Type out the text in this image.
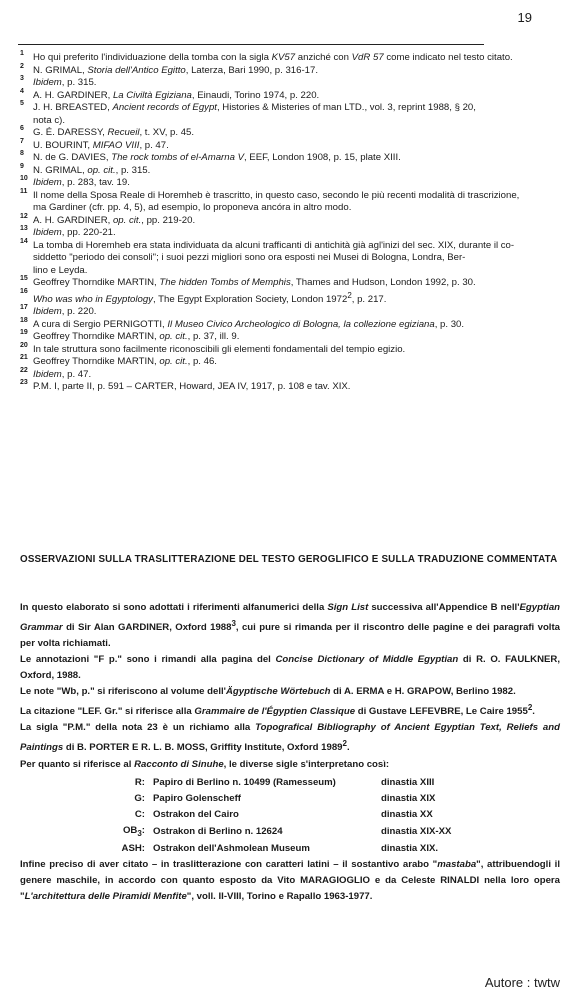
19
1 Ho qui preferito l'individuazione della tomba con la sigla KV57 anziché con VdR 57 come indicato nel testo citato.
2 N. GRIMAL, Storia dell'Antico Egitto, Laterza, Bari 1990, p. 316-17.
3 Ibidem, p. 315.
4 A. H. GARDINER, La Civiltà Egiziana, Einaudi, Torino 1974, p. 220.
5 J. H. BREASTED, Ancient records of Egypt, Histories & Misteries of man LTD., vol. 3, reprint 1988, § 20,
nota c).
6 G. É. DARESSY, Recueil, t. XV, p. 45.
7 U. BOURINT, MIFAO VIII, p. 47.
8 N. de G. DAVIES, The rock tombs of el-Amarna V, EEF, London 1908, p. 15, plate XIII.
9 N. GRIMAL, op. cit., p. 315.
10 Ibidem, p. 283, tav. 19.
11 Il nome della Sposa Reale di Horemheb è trascritto, in questo caso, secondo le più recenti modalità di trascrizione,
ma Gardiner (cfr. pp. 4, 5), ad esempio, lo proponeva ancóra in altro modo.
12 A. H. GARDINER, op. cit., pp. 219-20.
13 Ibidem, pp. 220-21.
14 La tomba di Horemheb era stata individuata da alcuni trafficanti di antichità già agl'inizi del sec. XIX, durante il co-
siddetto "periodo dei consoli"; i suoi pezzi migliori sono ora esposti nei Musei di Bologna, Londra, Ber-
lino e Leyda.
15 Geoffrey Thorndike MARTIN, The hidden Tombs of Memphis, Thames and Hudson, London 1992, p. 30.
16
Who was who in Egyptology, The Egypt Exploration Society, London 1972$^2$, p. 217.
17 Ibidem, p. 220.
18 A cura di Sergio PERNIGOTTI, Il Museo Civico Archeologico di Bologna, la collezione egiziana, p. 30.
19 Geoffrey Thorndike MARTIN, op. cit., p. 37, ill. 9.
20 In tale struttura sono facilmente riconoscibili gli elementi fondamentali del tempio egizio.
21 Geoffrey Thorndike MARTIN, op. cit., p. 46.
22 Ibidem, p. 47.
23 P.M. I, parte II, p. 591 – CARTER, Howard, JEA IV, 1917, p. 108 e tav. XIX.
OSSERVAZIONI SULLA TRASLITTERAZIONE DEL TESTO GEROGLIFICO E SULLA TRADUZIONE COMMENTATA

In questo elaborato si sono adottati i riferimenti alfanumerici della Sign List successiva all'Appendice B nell'Egyptian Grammar di Sir Alan GARDINER, Oxford 1988$^3$, cui pure si rimanda per il riscontro delle pagine e dei paragrafi volta per volta richiamati.

Le annotazioni "F p." sono i rimandi alla pagina del Concise Dictionary of Middle Egyptian di R. O. FAULKNER, Oxford, 1988.

Le note "Wb, p." si riferiscono al volume dell'Ägyptische Wörtebuch di A. ERMA e H. GRAPOW, Berlino 1982.

La citazione "LEF. Gr." si riferisce alla Grammaire de l'Égyptien Classique di Gustave LEFEVBRE, Le Caire 1955$^2$.

La sigla "P.M." della nota 23 è un richiamo alla Topografical Bibliography of Ancient Egyptian Text, Reliefs and Paintings di B. PORTER E R. L. B. MOSS, Griffity Institute, Oxford 1989$^2$.

Per quanto si riferisce al Racconto di Sinuhe, le diverse sigle s'interpretano così:

R:	Papiro di Berlino n. 10499 (Ramesseum)	dinastia XIII
G:	Papiro Golenscheff	dinastia XIX
C:	Ostrakon del Cairo	dinastia XX
$OB_3$:	Ostrakon di Berlino n. 12624	dinastia XIX-XX
ASH:	Ostrakon dell'Ashmolean Museum	dinastia XIX.

Infine preciso di aver citato – in traslitterazione con caratteri latini – il sostantivo arabo "mastaba", attribuendogli il genere maschile, in accordo con quanto esposto da Vito MARAGIOGLIO e da Celeste RINALDI nella loro opera "L'architettura delle Piramidi Menfite", voll. II-VIII, Torino e Rapallo 1963-1977.

Autore : twtw
